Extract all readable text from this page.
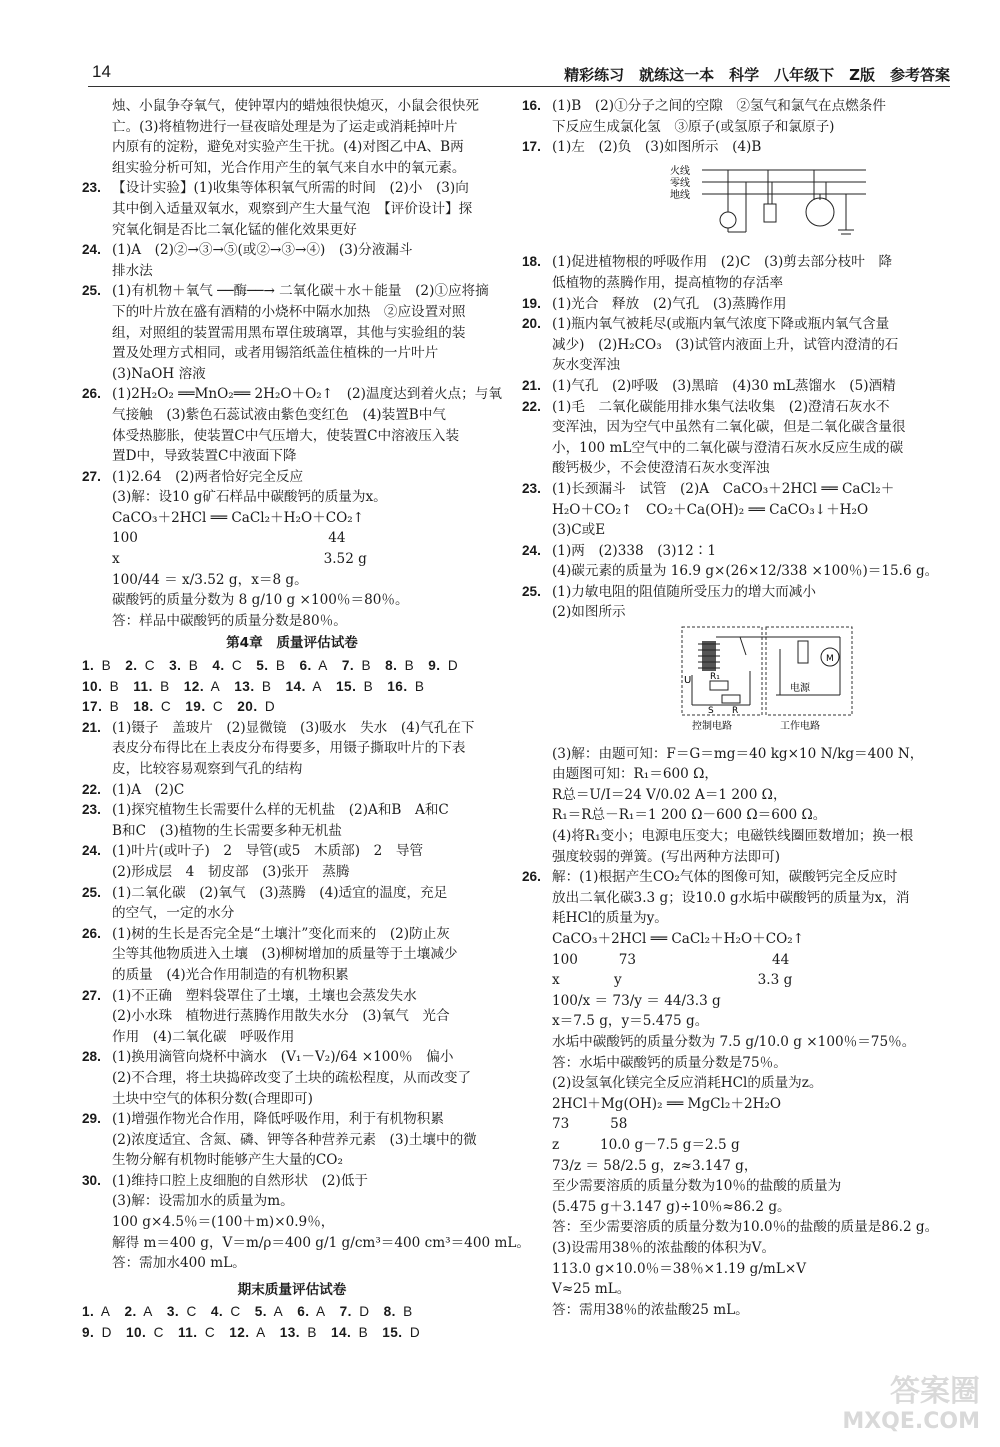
14	精彩练习　就练这一本　科学　八年级下　Z版　参考答案
烛、小鼠争夺氧气，使钟罩内的蜡烛很快熄灭，小鼠会很快死
亡。(3)将植物进行一昼夜暗处理是为了运走或消耗掉叶片
内原有的淀粉，避免对实验产生干扰。(4)对图乙中A、B两
组实验分析可知，光合作用产生的氧气来自水中的氧元素。
23. 【设计实验】(1)收集等体积氧气所需的时间　(2)小　(3)向
其中倒入适量双氧水，观察到产生大量气泡　【评价设计】探
究氧化铜是否比二氧化锰的催化效果更好
24. (1)A　(2)②→③→⑤(或②→③→④)　(3)分液漏斗
排水法
25. (1)有机物＋氧气 ──酶──→ 二氧化碳＋水＋能量　(2)①应将摘
下的叶片放在盛有酒精的小烧杯中隔水加热　②应设置对照
组，对照组的装置需用黑布罩住玻璃罩，其他与实验组的装
置及处理方式相同，或者用锡箔纸盖住植株的一片叶片
(3)NaOH 溶液
26. (1)2H₂O₂ ══MnO₂══ 2H₂O＋O₂↑　(2)温度达到着火点；与氧
气接触　(3)紫色石蕊试液由紫色变红色　(4)装置B中气
体受热膨胀，使装置C中气压增大，使装置C中溶液压入装
置D中，导致装置C中液面下降
27. (1)2.64　(2)两者恰好完全反应
(3)解：设10 g矿石样品中碳酸钙的质量为x。
CaCO₃＋2HCl ══ CaCl₂＋H₂O＋CO₂↑
100　　　　　　　　　　　　　　44
x　　　　　　　　　　　　　　　3.52 g
100/44 ＝ x/3.52 g，x＝8 g。
碳酸钙的质量分数为 8 g/10 g ×100％＝80％。
答：样品中碳酸钙的质量分数是80％。
第4章　质量评估试卷
1. B 2. C 3. B 4. C 5. B 6. A 7. B 8. B 9. D
10. B 11. B 12. A 13. B 14. A 15. B 16. B
17. B 18. C 19. C 20. D
21. (1)镊子　盖玻片　(2)显微镜　(3)吸水　失水　(4)气孔在下
表皮分布得比在上表皮分布得要多，用镊子撕取叶片的下表
皮，比较容易观察到气孔的结构
22. (1)A　(2)C
23. (1)探究植物生长需要什么样的无机盐　(2)A和B　A和C
B和C　(3)植物的生长需要多种无机盐
24. (1)叶片(或叶子)　2　导管(或5　木质部)　2　导管
(2)形成层　4　韧皮部　(3)张开　蒸腾
25. (1)二氧化碳　(2)氧气　(3)蒸腾　(4)适宜的温度，充足
的空气，一定的水分
26. (1)树的生长是否完全是“土壤汁”变化而来的　(2)防止灰
尘等其他物质进入土壤　(3)柳树增加的质量等于土壤减少
的质量　(4)光合作用制造的有机物积累
27. (1)不正确　塑料袋罩住了土壤，土壤也会蒸发失水
(2)小水珠　植物进行蒸腾作用散失水分　(3)氧气　光合
作用　(4)二氧化碳　呼吸作用
28. (1)换用滴管向烧杯中滴水　(V₁－V₂)/64 ×100％　偏小
(2)不合理，将土块捣碎改变了土块的疏松程度，从而改变了
土块中空气的体积分数(合理即可)
29. (1)增强作物光合作用，降低呼吸作用，利于有机物积累
(2)浓度适宜、含氮、磷、钾等各种营养元素　(3)土壤中的微
生物分解有机物时能够产生大量的CO₂
30. (1)维持口腔上皮细胞的自然形状　(2)低于
(3)解：设需加水的质量为m。
100 g×4.5％＝(100＋m)×0.9％，
解得 m＝400 g，V＝m/ρ＝400 g/1 g/cm³＝400 cm³＝400 mL。
答：需加水400 mL。
期末质量评估试卷
1. A 2. A 3. C 4. C 5. A 6. A 7. D 8. B
9. D 10. C 11. C 12. A 13. B 14. B 15. D
16. (1)B　(2)①分子之间的空隙　②氢气和氯气在点燃条件
下反应生成氯化氢　③原子(或氢原子和氯原子)
17. (1)左　(2)负　(3)如图所示　(4)B
火线
零线
地线
18. (1)促进植物根的呼吸作用　(2)C　(3)剪去部分枝叶　降
低植物的蒸腾作用，提高植物的存活率
19. (1)光合　释放　(2)气孔　(3)蒸腾作用
20. (1)瓶内氧气被耗尽(或瓶内氧气浓度下降或瓶内氧气含量
减少)　(2)H₂CO₃　(3)试管内液面上升，试管内澄清的石
灰水变浑浊
21. (1)气孔　(2)呼吸　(3)黑暗　(4)30 mL蒸馏水　(5)酒精
22. (1)毛　二氧化碳能用排水集气法收集　(2)澄清石灰水不
变浑浊，因为空气中虽然有二氧化碳，但是二氧化碳含量很
小，100 mL空气中的二氧化碳与澄清石灰水反应生成的碳
酸钙极少，不会使澄清石灰水变浑浊
23. (1)长颈漏斗　试管　(2)A　CaCO₃＋2HCl ══ CaCl₂＋
H₂O＋CO₂↑　CO₂＋Ca(OH)₂ ══ CaCO₃↓＋H₂O
(3)C或E
24. (1)两　(2)338　(3)12∶1
(4)碳元素的质量为 16.9 g×(26×12/338 ×100％)＝15.6 g。
25. (1)力敏电阻的阻值随所受压力的增大而减小
(2)如图所示
U R₁
S R
电源
M
控制电路	工作电路
(3)解：由题可知：F＝G＝mg＝40 kg×10 N/kg＝400 N，
由题图可知：R₁＝600 Ω，
R总＝U/I＝24 V/0.02 A＝1 200 Ω，
R₁＝R总－R₁＝1 200 Ω－600 Ω＝600 Ω。
(4)将R₁变小；电源电压变大；电磁铁线圈匝数增加；换一根
强度较弱的弹簧。(写出两种方法即可)
26. 解：(1)根据产生CO₂气体的图像可知，碳酸钙完全反应时
放出二氧化碳3.3 g；设10.0 g水垢中碳酸钙的质量为x，消
耗HCl的质量为y。
CaCO₃＋2HCl ══ CaCl₂＋H₂O＋CO₂↑
100　　　73　　　　　　　　　　44
x　　　　y　　　　　　　　　　3.3 g
100/x ＝ 73/y ＝ 44/3.3 g
x＝7.5 g，y＝5.475 g。
水垢中碳酸钙的质量分数为 7.5 g/10.0 g ×100％＝75％。
答：水垢中碳酸钙的质量分数是75％。
(2)设氢氧化镁完全反应消耗HCl的质量为z。
2HCl＋Mg(OH)₂ ══ MgCl₂＋2H₂O
73　　　58
z　　　10.0 g－7.5 g＝2.5 g
73/z ＝ 58/2.5 g，z≈3.147 g，
至少需要溶质的质量分数为10％的盐酸的质量为
(5.475 g＋3.147 g)÷10％≈86.2 g。
答：至少需要溶质的质量分数为10.0％的盐酸的质量是86.2 g。
(3)设需用38％的浓盐酸的体积为V。
113.0 g×10.0％＝38％×1.19 g/mL×V
V≈25 mL。
答：需用38％的浓盐酸25 mL。
答案圈
MXQE.COM
